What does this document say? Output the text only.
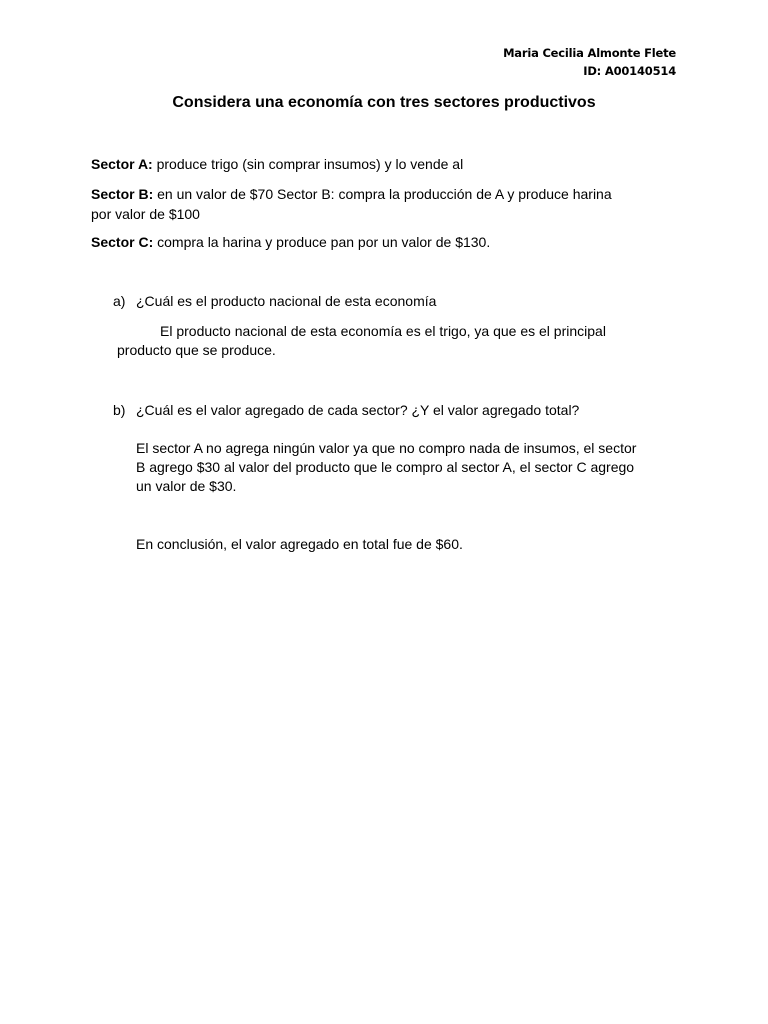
Maria Cecilia Almonte Flete
ID: A00140514
Considera una economía con tres sectores productivos
Sector A: produce trigo (sin comprar insumos) y lo vende al
Sector B: en un valor de $70 Sector B: compra la producción de A y produce harina
por valor de $100
Sector C: compra la harina y produce pan por un valor de $130.
a) ¿Cuál es el producto nacional de esta economía
El producto nacional de esta economía es el trigo, ya que es el principal
producto que se produce.
b) ¿Cuál es el valor agregado de cada sector? ¿Y el valor agregado total?
El sector A no agrega ningún valor ya que no compro nada de insumos, el sector
B agrego $30 al valor del producto que le compro al sector A, el sector C agrego
un valor de $30.
En conclusión, el valor agregado en total fue de $60.
